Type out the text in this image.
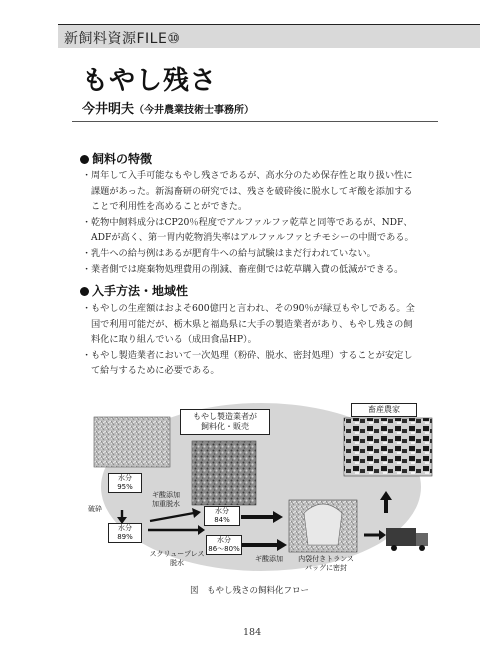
新飼料資源FILE⑩
もやし残さ
今井明夫（今井農業技術士事務所）
飼料の特徴
・ 周年して入手可能なもやし残さであるが、高水分のため保存性と取り扱い性に
課題があった。新潟畜研の研究では、残さを破砕後に脱水してギ酸を添加する
ことで利用性を高めることができた。
・ 乾物中飼料成分はCP20％程度でアルファルファ乾草と同等であるが、NDF、
ADFが高く、第一胃内乾物消失率はアルファルファとチモシーの中間である。
・ 乳牛への給与例はあるが肥育牛への給与試験はまだ行われていない。
・ 業者側では廃棄物処理費用の削減、畜産側では乾草購入費の低減ができる。
入手方法・地域性
・ もやしの生産額はおよそ600億円と言われ、その90％が緑豆もやしである。全
国で利用可能だが、栃木県と福島県に大手の製造業者があり、もやし残さの飼
料化に取り組んでいる（成田食品HP）。
・ もやし製造業者において一次処理（粉砕、脱水、密封処理）することが安定し
て給与するために必要である。
もやし製造業者が
飼料化・販売
畜産農家
水分
95%
破砕
水分
89%
ギ酸添加
加重脱水
水分
84%
スクリュープレス
脱水
水分
86〜80%
ギ酸添加	内袋付きトランス
バッグに密封
図　もやし残さの飼料化フロー
184
